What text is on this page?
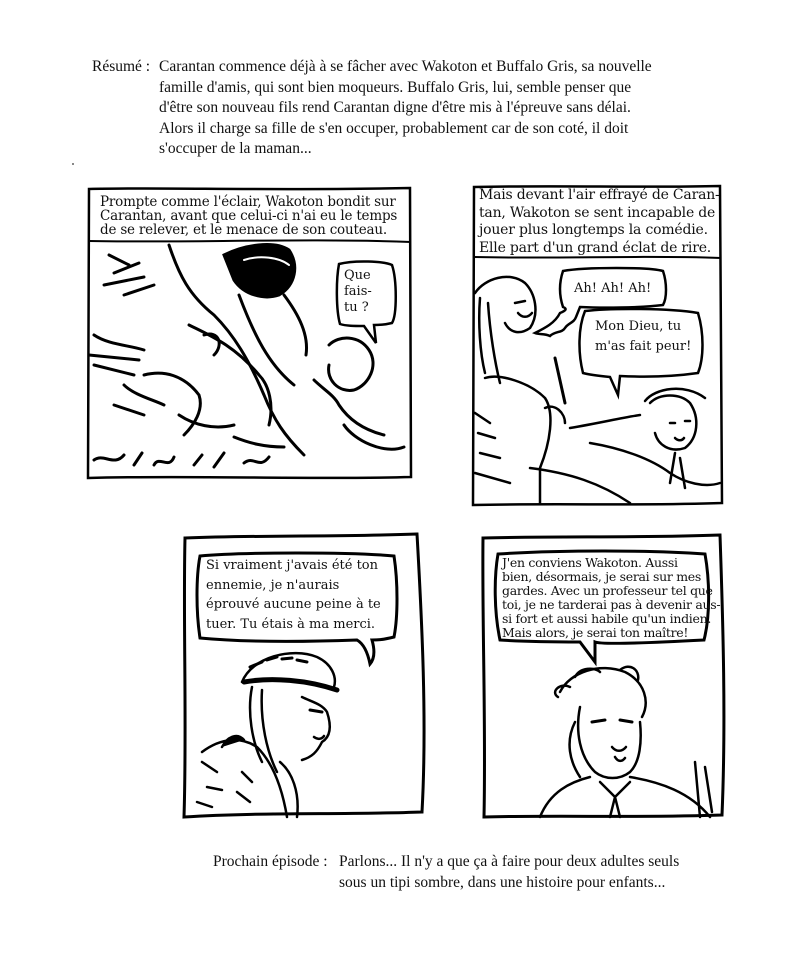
Résumé : Carantan commence déjà à se fâcher avec Wakoton et Buffalo Gris, sa nouvelle
famille d'amis, qui sont bien moqueurs. Buffalo Gris, lui, semble penser que
d'être son nouveau fils rend Carantan digne d'être mis à l'épreuve sans délai.
Alors il charge sa fille de s'en occuper, probablement car de son coté, il doit
s'occuper de la maman...
Prompte comme l'éclair, Wakoton bondit sur
Carantan, avant que celui-ci n'ai eu le temps
de se relever, et le menace de son couteau.
Que
fais-
tu ?
Mais devant l'air effrayé de Caran-
tan, Wakoton se sent incapable de
jouer plus longtemps la comédie.
Elle part d'un grand éclat de rire.
Ah! Ah! Ah!
Mon Dieu, tu
m'as fait peur!
Si vraiment j'avais été ton
ennemie, je n'aurais
éprouvé aucune peine à te
tuer. Tu étais à ma merci.
J'en conviens Wakoton. Aussi
bien, désormais, je serai sur mes
gardes. Avec un professeur tel que
toi, je ne tarderai pas à devenir aus-
si fort et aussi habile qu'un indien.
Mais alors, je serai ton maître!
Prochain épisode : Parlons... Il n'y a que ça à faire pour deux adultes seuls
sous un tipi sombre, dans une histoire pour enfants...
